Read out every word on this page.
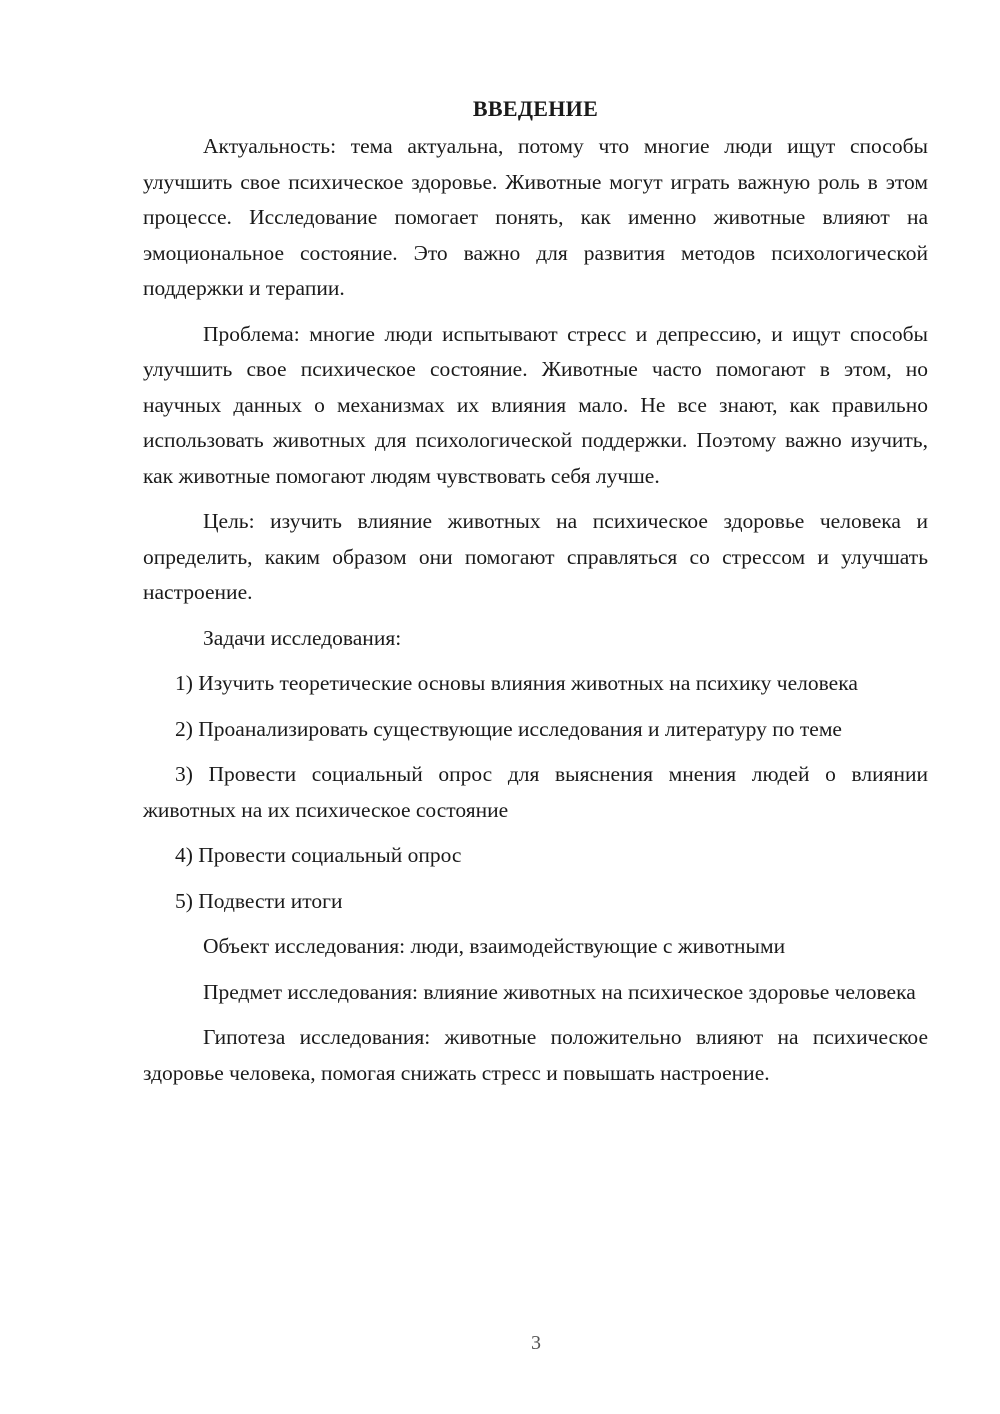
ВВЕДЕНИЕ

Актуальность: тема актуальна, потому что многие люди ищут способы улучшить свое психическое здоровье. Животные могут играть важную роль в этом процессе. Исследование помогает понять, как именно животные влияют на эмоциональное состояние. Это важно для развития методов психологической поддержки и терапии.

Проблема: многие люди испытывают стресс и депрессию, и ищут способы улучшить свое психическое состояние. Животные часто помогают в этом, но научных данных о механизмах их влияния мало. Не все знают, как правильно использовать животных для психологической поддержки. Поэтому важно изучить, как животные помогают людям чувствовать себя лучше.

Цель: изучить влияние животных на психическое здоровье человека и определить, каким образом они помогают справляться со стрессом и улучшать настроение.

Задачи исследования:

1) Изучить теоретические основы влияния животных на психику человека

2) Проанализировать существующие исследования и литературу по теме

3) Провести социальный опрос для выяснения мнения людей о влиянии животных на их психическое состояние

4) Провести социальный опрос

5) Подвести итоги

Объект исследования: люди, взаимодействующие с животными

Предмет исследования: влияние животных на психическое здоровье человека

Гипотеза исследования: животные положительно влияют на психическое здоровье человека, помогая снижать стресс и повышать настроение.

3
